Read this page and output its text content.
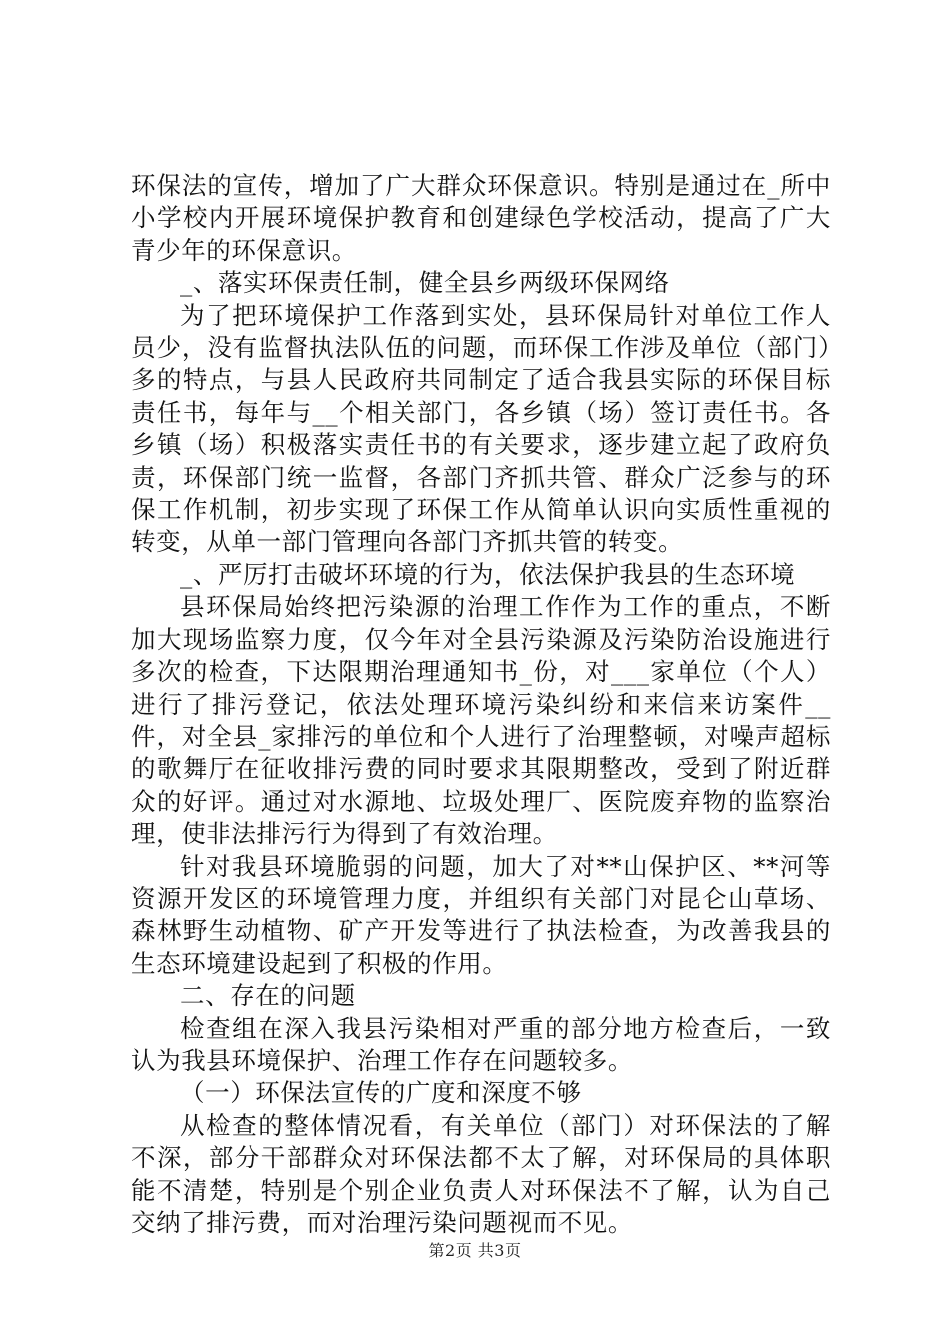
环保法的宣传，增加了广大群众环保意识。特别是通过在_所中小学校内开展环境保护教育和创建绿色学校活动，提高了广大青少年的环保意识。

_、落实环保责任制，健全县乡两级环保网络

为了把环境保护工作落到实处，县环保局针对单位工作人员少，没有监督执法队伍的问题，而环保工作涉及单位（部门）多的特点，与县人民政府共同制定了适合我县实际的环保目标责任书，每年与__个相关部门，各乡镇（场）签订责任书。各乡镇（场）积极落实责任书的有关要求，逐步建立起了政府负责，环保部门统一监督，各部门齐抓共管、群众广泛参与的环保工作机制，初步实现了环保工作从简单认识向实质性重视的转变，从单一部门管理向各部门齐抓共管的转变。

_、严厉打击破坏环境的行为，依法保护我县的生态环境

县环保局始终把污染源的治理工作作为工作的重点，不断加大现场监察力度，仅今年对全县污染源及污染防治设施进行多次的检查，下达限期治理通知书_份，对___家单位（个人）进行了排污登记，依法处理环境污染纠纷和来信来访案件__件，对全县_家排污的单位和个人进行了治理整顿，对噪声超标的歌舞厅在征收排污费的同时要求其限期整改，受到了附近群众的好评。通过对水源地、垃圾处理厂、医院废弃物的监察治理，使非法排污行为得到了有效治理。

针对我县环境脆弱的问题，加大了对**山保护区、**河等资源开发区的环境管理力度，并组织有关部门对昆仑山草场、森林野生动植物、矿产开发等进行了执法检查，为改善我县的生态环境建设起到了积极的作用。

二、存在的问题

检查组在深入我县污染相对严重的部分地方检查后，一致认为我县环境保护、治理工作存在问题较多。

（一）环保法宣传的广度和深度不够

从检查的整体情况看，有关单位（部门）对环保法的了解不深，部分干部群众对环保法都不太了解，对环保局的具体职能不清楚，特别是个别企业负责人对环保法不了解，认为自己交纳了排污费，而对治理污染问题视而不见。

第2页 共3页
